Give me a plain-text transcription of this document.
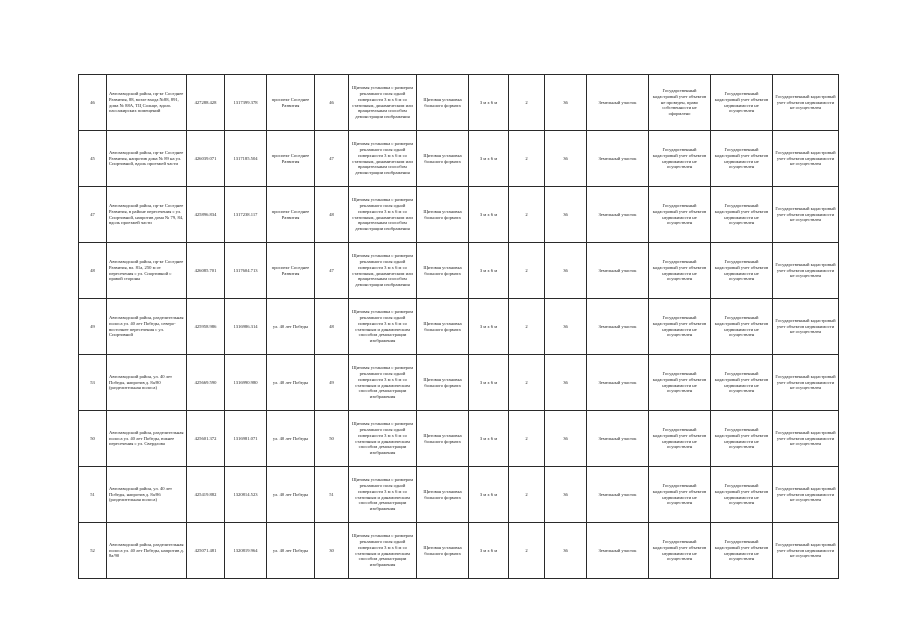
46	Автозаводский район, пр-кт Соседнее Развития, 88, возле входа №88, 891, дома № 88А, ТЦ Солнце, вдоль пассажирских помещений	427288.428	1317399.378	проспект Соседнее Развития	46	Щитовая установка с размером рекламного поля одной поверхности 3 м х 6 м со статичным, динамическим или вращательным способом демонстрации изображения	Щитовая установка большого формата	3 м х 6 м	2	36	Земельный участок	Государственный кадастровый учет объектов не проведен, право собственности не оформлено	Государственный кадастровый учет объектов недвижимости не осуществлен	Государственный кадастровый учет объектов недвижимости не осуществлен
45	Автозаводский район, пр-кт Соседнее Развития, напротив дома № 89 на ул. Спортивной, вдоль проезжей части	426039.071	1317185.504	проспект Соседнее Развития	47	Щитовая установка с размером рекламного поля одной поверхности 3 м х 6 м со статичным, динамическим или вращательным способом демонстрации изображения	Щитовая установка большого формата	3 м х 6 м	2	36	Земельный участок	Государственный кадастровый учет объектов недвижимости не осуществлен	Государственный кадастровый учет объектов недвижимости не осуществлен	Государственный кадастровый учет объектов недвижимости не осуществлен
47	Автозаводский район, пр-кт Соседнее Развития, в районе пересечения с ул. Спортивной, напротив дома № 79, 84, вдоль проезжей части	425896.834	1317238.117	проспект Соседнее Развития	48	Щитовая установка с размером рекламного поля одной поверхности 3 м х 6 м со статичным, динамическим или вращательным способом демонстрации изображения	Щитовая установка большого формата	3 м х 6 м	2	36	Земельный участок	Государственный кадастровый учет объектов недвижимости не осуществлен	Государственный кадастровый учет объектов недвижимости не осуществлен	Государственный кадастровый учет объектов недвижимости не осуществлен
48	Автозаводский район, пр-кт Соседнее Развития, вл. 81а, 250 м от пересечения с ул. Спортивной с правой стороны	426085.701	1317604.713	проспект Соседнее Развития	47	Щитовая установка с размером рекламного поля одной поверхности 3 м х 6 м со статичным, динамическим или вращательным способом демонстрации изображения	Щитовая установка большого формата	3 м х 6 м	2	36	Земельный участок	Государственный кадастровый учет объектов недвижимости не осуществлен	Государственный кадастровый учет объектов недвижимости не осуществлен	Государственный кадастровый учет объектов недвижимости не осуществлен
49	Автозаводский район, разделительная полоса ул. 40 лет Победы, северо-восточнее пересечения с ул. Спортивной	425958.986	1316986.314	ул. 40 лет Победы	48	Щитовая установка с размером рекламного поля одной поверхности 3 м х 6 м со статичным и динамическим способом демонстрации изображения	Щитовая установка большого формата	3 м х 6 м	2	36	Земельный участок	Государственный кадастровый учет объектов недвижимости не осуществлен	Государственный кадастровый учет объектов недвижимости не осуществлен	Государственный кадастровый учет объектов недвижимости не осуществлен
53	Автозаводский район, ул. 40 лет Победы, напротив д. 8а/80 (разделительная полоса)	425669.590	1316990.980	ул. 40 лет Победы	49	Щитовая установка с размером рекламного поля одной поверхности 3 м х 6 м со статичным и динамическим способом демонстрации изображения	Щитовая установка большого формата	3 м х 6 м	2	36	Земельный участок	Государственный кадастровый учет объектов недвижимости не осуществлен	Государственный кадастровый учет объектов недвижимости не осуществлен	Государственный кадастровый учет объектов недвижимости не осуществлен
50	Автозаводский район, разделительная полоса ул. 40 лет Победы, южнее пересечения с ул. Свердлова	425601.372	1316981.071	ул. 40 лет Победы	50	Щитовая установка с размером рекламного поля одной поверхности 3 м х 6 м со статичным и динамическим способом демонстрации изображения	Щитовая установка большого формата	3 м х 6 м	2	36	Земельный участок	Государственный кадастровый учет объектов недвижимости не осуществлен	Государственный кадастровый учет объектов недвижимости не осуществлен	Государственный кадастровый учет объектов недвижимости не осуществлен
51	Автозаводский район, ул. 40 лет Победы, напротив д. 8а/86 (разделительная полоса)	425419.882	1320814.523	ул. 40 лет Победы	51	Щитовая установка с размером рекламного поля одной поверхности 3 м х 6 м со статичным и динамическим способом демонстрации изображения	Щитовая установка большого формата	3 м х 6 м	2	36	Земельный участок	Государственный кадастровый учет объектов недвижимости не осуществлен	Государственный кадастровый учет объектов недвижимости не осуществлен	Государственный кадастровый учет объектов недвижимости не осуществлен
52	Автозаводский район, разделительная полоса ул. 40 лет Победы, напротив д. 8а/90	425071.481	1320819.964	ул. 40 лет Победы	30	Щитовая установка с размером рекламного поля одной поверхности 3 м х 6 м со статичным и динамическим способом демонстрации изображения	Щитовая установка большого формата	3 м х 6 м	2	36	Земельный участок	Государственный кадастровый учет объектов недвижимости не осуществлен	Государственный кадастровый учет объектов недвижимости не осуществлен	Государственный кадастровый учет объектов недвижимости не осуществлен
